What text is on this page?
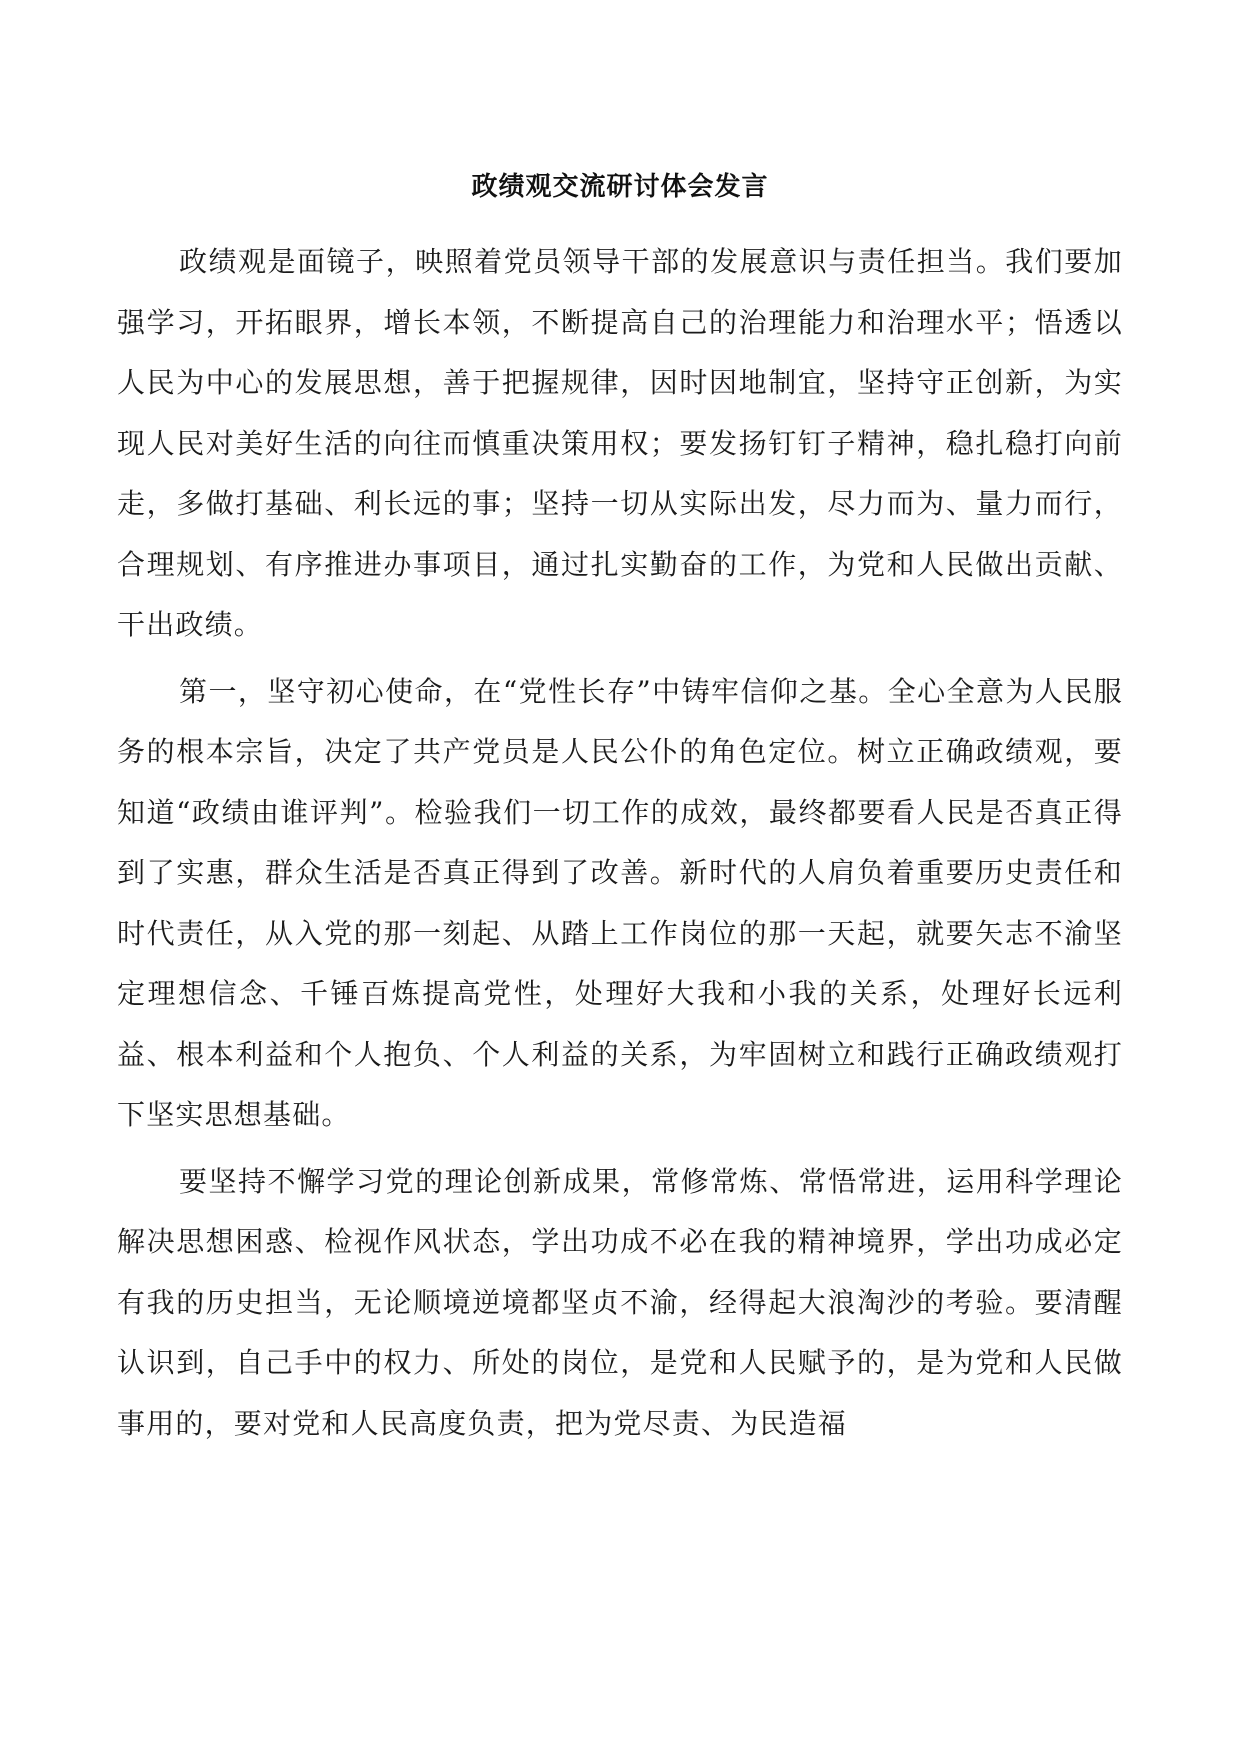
政绩观交流研讨体会发言

政绩观是面镜子，映照着党员领导干部的发展意识与责任担当。我们要加强学习，开拓眼界，增长本领，不断提高自己的治理能力和治理水平；悟透以人民为中心的发展思想，善于把握规律，因时因地制宜，坚持守正创新，为实现人民对美好生活的向往而慎重决策用权；要发扬钉钉子精神，稳扎稳打向前走，多做打基础、利长远的事；坚持一切从实际出发，尽力而为、量力而行，合理规划、有序推进办事项目，通过扎实勤奋的工作，为党和人民做出贡献、干出政绩。

第一，坚守初心使命，在“党性长存”中铸牢信仰之基。全心全意为人民服务的根本宗旨，决定了共产党员是人民公仆的角色定位。树立正确政绩观，要知道“政绩由谁评判”。检验我们一切工作的成效，最终都要看人民是否真正得到了实惠，群众生活是否真正得到了改善。新时代的人肩负着重要历史责任和时代责任，从入党的那一刻起、从踏上工作岗位的那一天起，就要矢志不渝坚定理想信念、千锤百炼提高党性，处理好大我和小我的关系，处理好长远利益、根本利益和个人抱负、个人利益的关系，为牢固树立和践行正确政绩观打下坚实思想基础。

要坚持不懈学习党的理论创新成果，常修常炼、常悟常进，运用科学理论解决思想困惑、检视作风状态，学出功成不必在我的精神境界，学出功成必定有我的历史担当，无论顺境逆境都坚贞不渝，经得起大浪淘沙的考验。要清醒认识到，自己手中的权力、所处的岗位，是党和人民赋予的，是为党和人民做事用的，要对党和人民高度负责，把为党尽责、为民造福
